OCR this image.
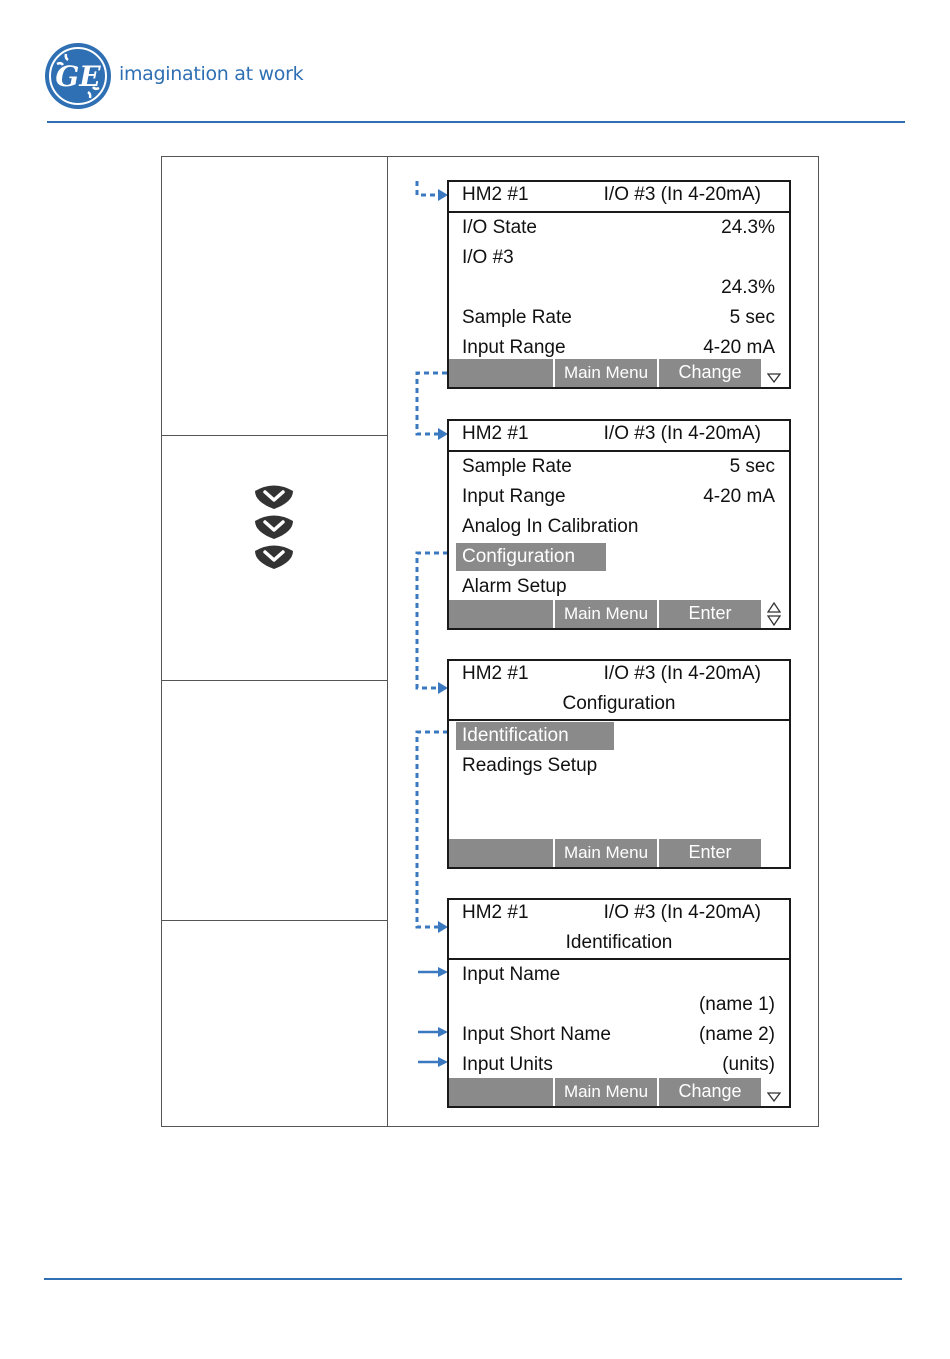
GE imagination at work
HM2 #1	I/O #3 (In 4-20mA)
I/O State	24.3%
I/O #3
24.3%
Sample Rate	5 sec
Input Range	4-20 mA
Main Menu	Change
HM2 #1	I/O #3 (In 4-20mA)
Sample Rate	5 sec
Input Range	4-20 mA
Analog In Calibration
Configuration
Alarm Setup
Main Menu	Enter
HM2 #1	I/O #3 (In 4-20mA)
Configuration
Identification
Readings Setup
Main Menu	Enter
HM2 #1	I/O #3 (In 4-20mA)
Identification
Input Name
(name 1)
Input Short Name	(name 2)
Input Units	(units)
Main Menu	Change
